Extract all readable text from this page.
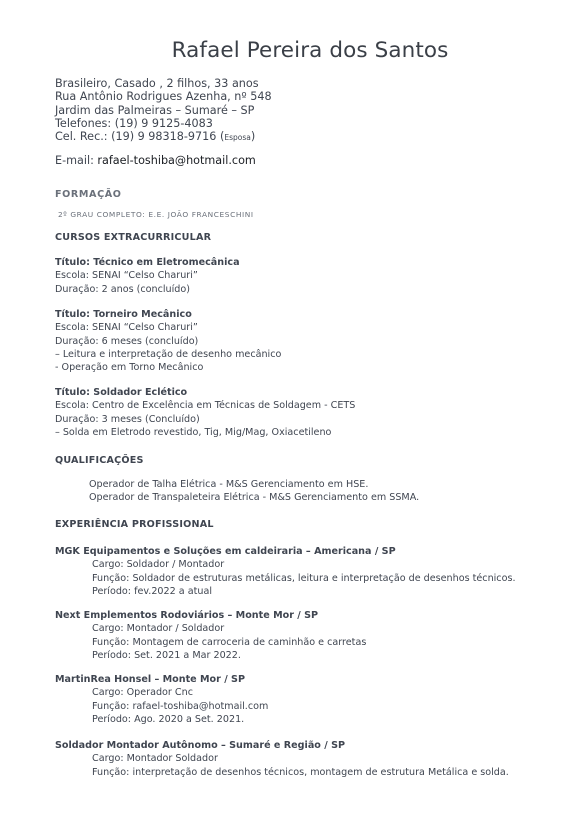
Rafael Pereira dos Santos
Brasileiro, Casado , 2 filhos, 33 anos
Rua Antônio Rodrigues Azenha, nº 548
Jardim das Palmeiras – Sumaré – SP
Telefones: (19) 9 9125-4083
Cel. Rec.: (19) 9 98318-9716 (Esposa)
E-mail: rafael-toshiba@hotmail.com
FORMAÇÃO
2º GRAU COMPLETO: E.E. JOÃO FRANCESCHINI
CURSOS EXTRACURRICULAR
Título: Técnico em Eletromecânica
Escola: SENAI “Celso Charuri”
Duração: 2 anos (concluído)
Título: Torneiro Mecânico
Escola: SENAI “Celso Charuri”
Duração: 6 meses (concluído)
– Leitura e interpretação de desenho mecânico
- Operação em Torno Mecânico
Título: Soldador Eclético
Escola: Centro de Excelência em Técnicas de Soldagem - CETS
Duração: 3 meses (Concluído)
– Solda em Eletrodo revestido, Tig, Mig/Mag, Oxiacetileno
QUALIFICAÇÕES
Operador de Talha Elétrica - M&S Gerenciamento em HSE.
Operador de Transpaleteira Elétrica - M&S Gerenciamento em SSMA.
EXPERIÊNCIA PROFISSIONAL
MGK Equipamentos e Soluções em caldeiraria – Americana / SP
Cargo: Soldador / Montador
Função: Soldador de estruturas metálicas, leitura e interpretação de desenhos técnicos.
Período: fev.2022 a atual
Next Emplementos Rodoviários – Monte Mor / SP
Cargo: Montador / Soldador
Função: Montagem de carroceria de caminhão e carretas
Período: Set. 2021 a Mar 2022.
MartinRea Honsel – Monte Mor / SP
Cargo: Operador Cnc
Função: rafael-toshiba@hotmail.com
Período: Ago. 2020 a Set. 2021.
Soldador Montador Autônomo – Sumaré e Região / SP
Cargo: Montador Soldador
Função: interpretação de desenhos técnicos, montagem de estrutura Metálica e solda.
